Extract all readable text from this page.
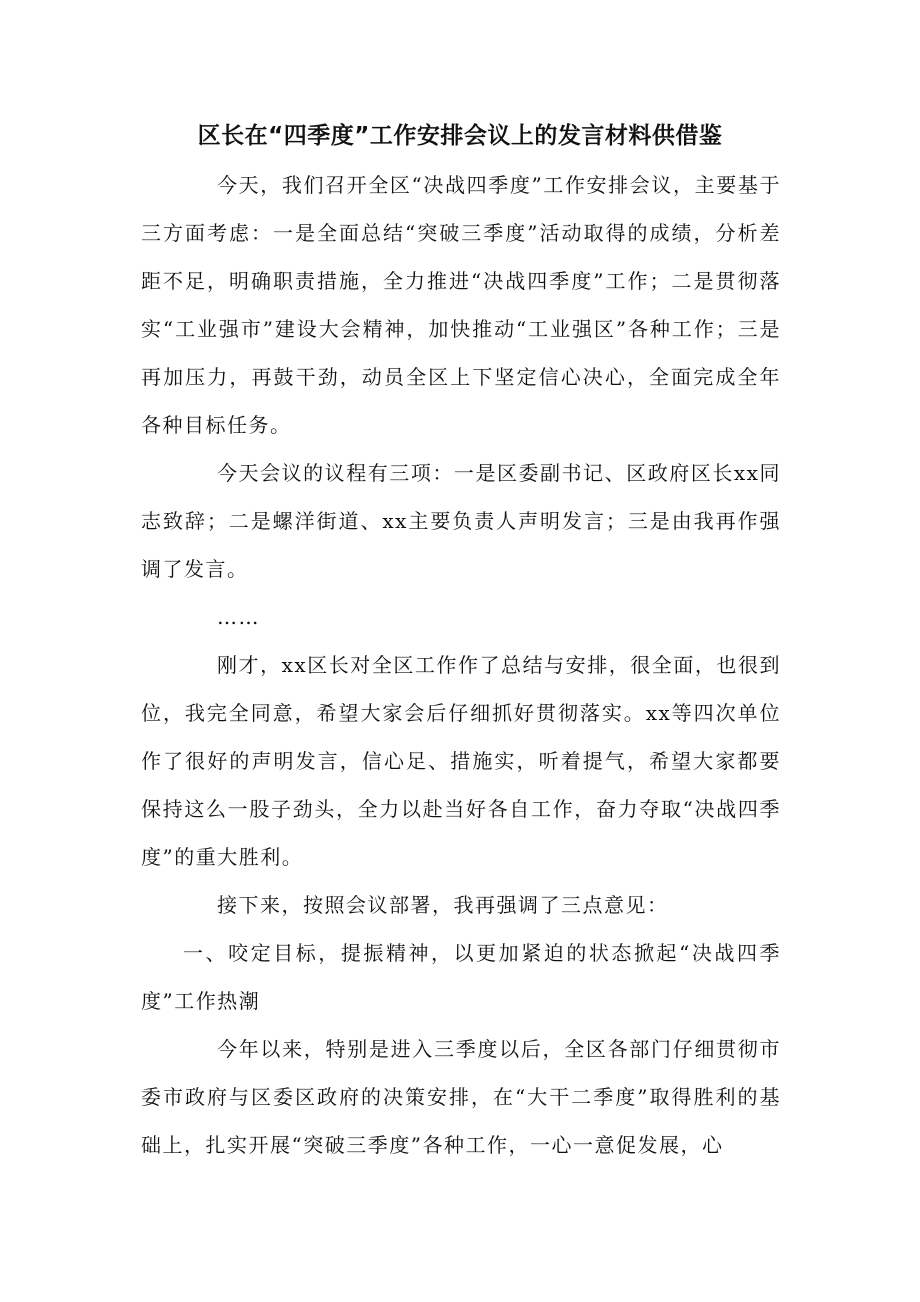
区长在“四季度”工作安排会议上的发言材料供借鉴

今天，我们召开全区“决战四季度”工作安排会议，主要基于三方面考虑：一是全面总结“突破三季度”活动取得的成绩，分析差距不足，明确职责措施，全力推进“决战四季度”工作；二是贯彻落实“工业强市”建设大会精神，加快推动“工业强区”各种工作；三是再加压力，再鼓干劲，动员全区上下坚定信心决心，全面完成全年各种目标任务。

今天会议的议程有三项：一是区委副书记、区政府区长xx同志致辞；二是螺洋街道、xx主要负责人声明发言；三是由我再作强调了发言。

……

刚才，xx区长对全区工作作了总结与安排，很全面，也很到位，我完全同意，希望大家会后仔细抓好贯彻落实。xx等四次单位作了很好的声明发言，信心足、措施实，听着提气，希望大家都要保持这么一股子劲头，全力以赴当好各自工作，奋力夺取“决战四季度”的重大胜利。

接下来，按照会议部署，我再强调了三点意见：

一、咬定目标，提振精神，以更加紧迫的状态掀起“决战四季度”工作热潮

今年以来，特别是进入三季度以后，全区各部门仔细贯彻市委市政府与区委区政府的决策安排，在“大干二季度”取得胜利的基础上，扎实开展“突破三季度”各种工作，一心一意促发展，心
